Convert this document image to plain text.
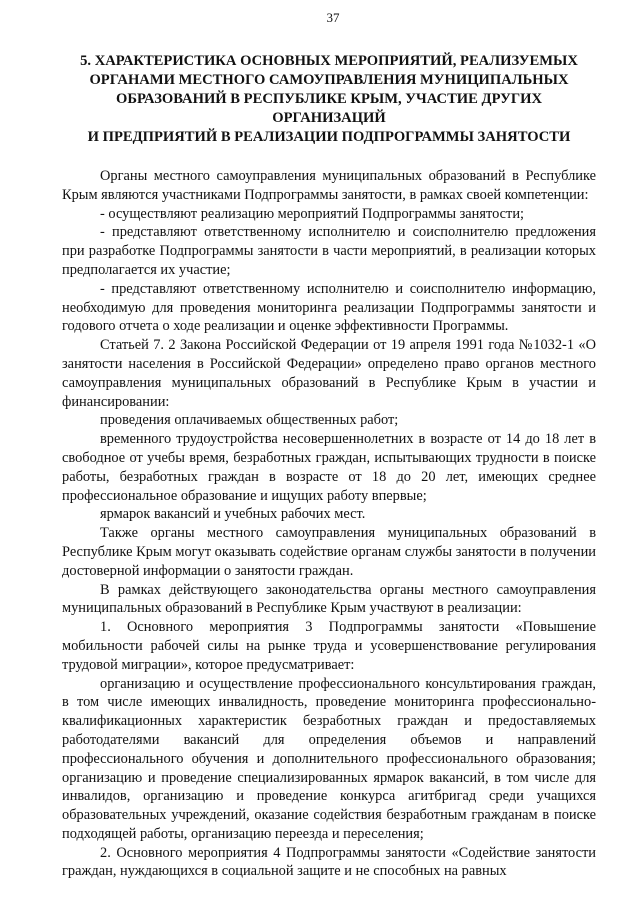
37
5. ХАРАКТЕРИСТИКА ОСНОВНЫХ МЕРОПРИЯТИЙ, РЕАЛИЗУЕМЫХ
ОРГАНАМИ МЕСТНОГО САМОУПРАВЛЕНИЯ МУНИЦИПАЛЬНЫХ
ОБРАЗОВАНИЙ В РЕСПУБЛИКЕ КРЫМ, УЧАСТИЕ ДРУГИХ ОРГАНИЗАЦИЙ
И ПРЕДПРИЯТИЙ В РЕАЛИЗАЦИИ ПОДПРОГРАММЫ ЗАНЯТОСТИ

Органы местного самоуправления муниципальных образований в Республике Крым являются участниками Подпрограммы занятости, в рамках своей компетенции:

- осуществляют реализацию мероприятий Подпрограммы занятости;

- представляют ответственному исполнителю и соисполнителю предложения при разработке Подпрограммы занятости в части мероприятий, в реализации которых предполагается их участие;

- представляют ответственному исполнителю и соисполнителю информацию, необходимую для проведения мониторинга реализации Подпрограммы занятости и годового отчета о ходе реализации и оценке эффективности Программы.

Статьей 7. 2 Закона Российской Федерации от 19 апреля 1991 года №1032-1 «О занятости населения в Российской Федерации» определено право органов местного самоуправления муниципальных образований в Республике Крым в участии и финансировании:

проведения оплачиваемых общественных работ;

временного трудоустройства несовершеннолетних в возрасте от 14 до 18 лет в свободное от учебы время, безработных граждан, испытывающих трудности в поиске работы, безработных граждан в возрасте от 18 до 20 лет, имеющих среднее профессиональное образование и ищущих работу впервые;

ярмарок вакансий и учебных рабочих мест.

Также органы местного самоуправления муниципальных образований в Республике Крым могут оказывать содействие органам службы занятости в получении достоверной информации о занятости граждан.

В рамках действующего законодательства органы местного самоуправления муниципальных образований в Республике Крым участвуют в реализации:

1. Основного мероприятия 3 Подпрограммы занятости «Повышение мобильности рабочей силы на рынке труда и усовершенствование регулирования трудовой миграции», которое предусматривает:

организацию и осуществление профессионального консультирования граждан, в том числе имеющих инвалидность, проведение мониторинга профессионально-квалификационных характеристик безработных граждан и предоставляемых работодателями вакансий для определения объемов и направлений профессионального обучения и дополнительного профессионального образования; организацию и проведение специализированных ярмарок вакансий, в том числе для инвалидов, организацию и проведение конкурса агитбригад среди учащихся образовательных учреждений, оказание содействия безработным гражданам в поиске подходящей работы, организацию переезда и переселения;

2. Основного мероприятия 4 Подпрограммы занятости «Содействие занятости граждан, нуждающихся в социальной защите и не способных на равных
